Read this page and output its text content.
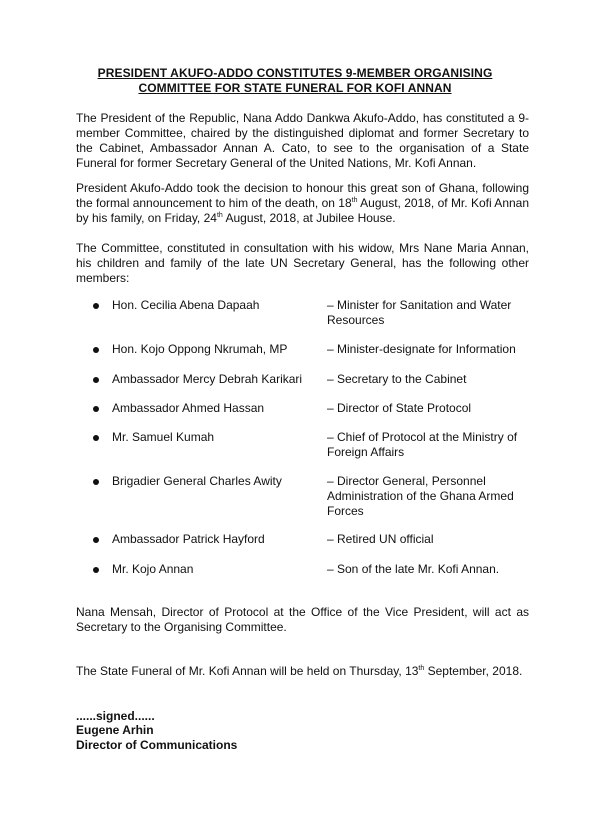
PRESIDENT AKUFO-ADDO CONSTITUTES 9-MEMBER ORGANISING
COMMITTEE FOR STATE FUNERAL FOR KOFI ANNAN

The President of the Republic, Nana Addo Dankwa Akufo-Addo, has constituted a 9-member Committee, chaired by the distinguished diplomat and former Secretary to the Cabinet, Ambassador Annan A. Cato, to see to the organisation of a State Funeral for former Secretary General of the United Nations, Mr. Kofi Annan.

President Akufo-Addo took the decision to honour this great son of Ghana, following the formal announcement to him of the death, on 18th August, 2018, of Mr. Kofi Annan by his family, on Friday, 24th August, 2018, at Jubilee House.

The Committee, constituted in consultation with his widow, Mrs Nane Maria Annan, his children and family of the late UN Secretary General, has the following other members:

Hon. Cecilia Abena Dapaah	– Minister for Sanitation and Water Resources
Hon. Kojo Oppong Nkrumah, MP	– Minister-designate for Information
Ambassador Mercy Debrah Karikari	– Secretary to the Cabinet
Ambassador Ahmed Hassan	– Director of State Protocol
Mr. Samuel Kumah	– Chief of Protocol at the Ministry of Foreign Affairs
Brigadier General Charles Awity	– Director General, Personnel Administration of the Ghana Armed Forces
Ambassador Patrick Hayford	– Retired UN official
Mr. Kojo Annan	– Son of the late Mr. Kofi Annan.

Nana Mensah, Director of Protocol at the Office of the Vice President, will act as Secretary to the Organising Committee.

The State Funeral of Mr. Kofi Annan will be held on Thursday, 13th September, 2018.

......signed......
Eugene Arhin
Director of Communications
